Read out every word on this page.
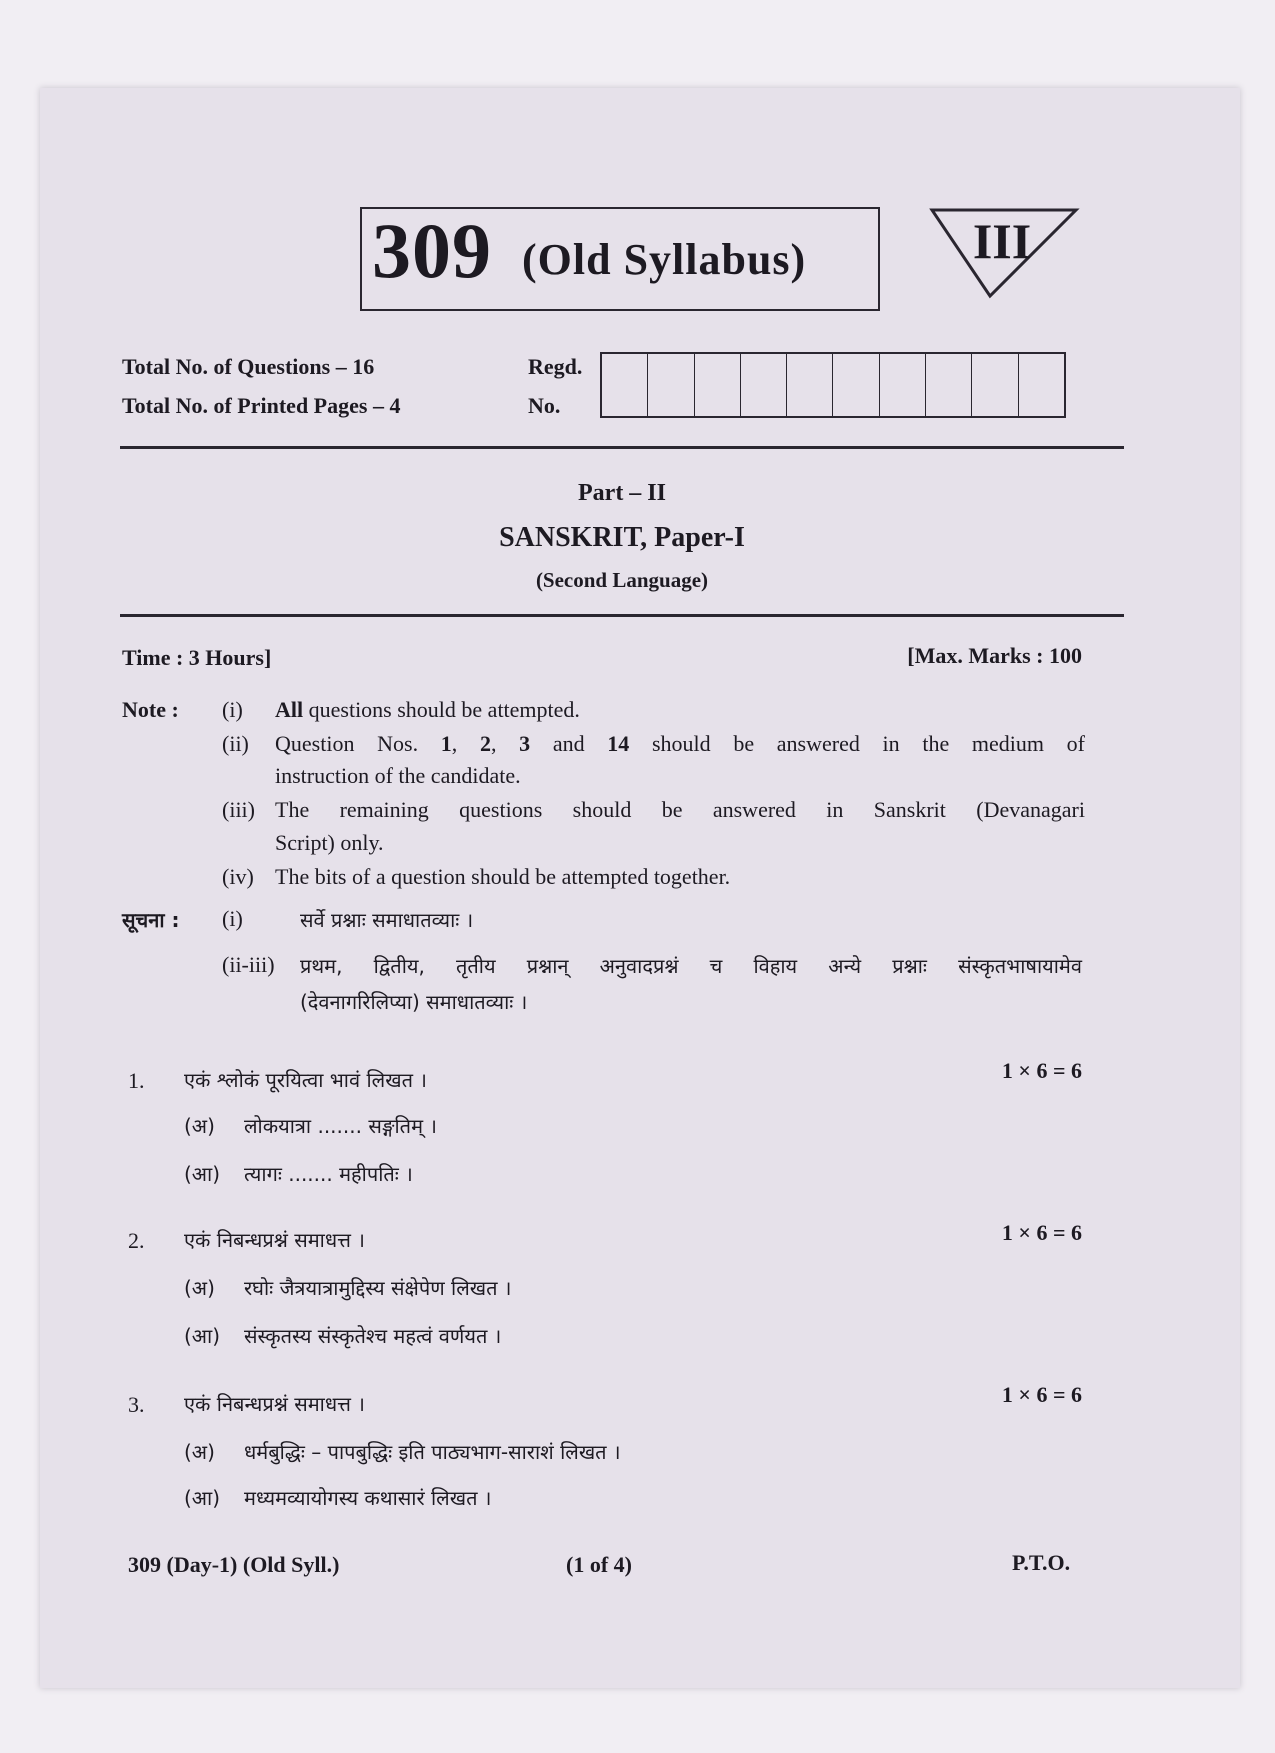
309 (Old Syllabus)	III
Total No. of Questions – 16
Total No. of Printed Pages – 4
Regd.
No.
Part – II
SANSKRIT, Paper-I
(Second Language)
Time : 3 Hours]	[Max. Marks : 100
Note : (i) All questions should be attempted.
(ii) Question Nos. 1, 2, 3 and 14 should be answered in the medium of
instruction of the candidate.
(iii) The remaining questions should be answered in Sanskrit (Devanagari
Script) only.
(iv) The bits of a question should be attempted together.
सूचना : (i)	सर्वे प्रश्नाः समाधातव्याः ।
(ii-iii) प्रथम, द्वितीय, तृतीय प्रश्नान् अनुवादप्रश्नं च विहाय अन्ये प्रश्नाः संस्कृतभाषायामेव
(देवनागरिलिप्या) समाधातव्याः ।
1. एकं श्लोकं पूरयित्वा भावं लिखत ।	1 × 6 = 6
(अ) लोकयात्रा ....... सङ्गतिम् ।
(आ) त्यागः ....... महीपतिः ।
2. एकं निबन्धप्रश्नं समाधत्त ।	1 × 6 = 6
(अ) रघोः जैत्रयात्रामुद्दिस्य संक्षेपेण लिखत ।
(आ) संस्कृतस्य संस्कृतेश्च महत्वं वर्णयत ।
3. एकं निबन्धप्रश्नं समाधत्त ।	1 × 6 = 6
(अ) धर्मबुद्धिः – पापबुद्धिः इति पाठ्यभाग-साराशं लिखत ।
(आ) मध्यमव्यायोगस्य कथासारं लिखत ।
309 (Day-1) (Old Syll.)	(1 of 4)	P.T.O.
